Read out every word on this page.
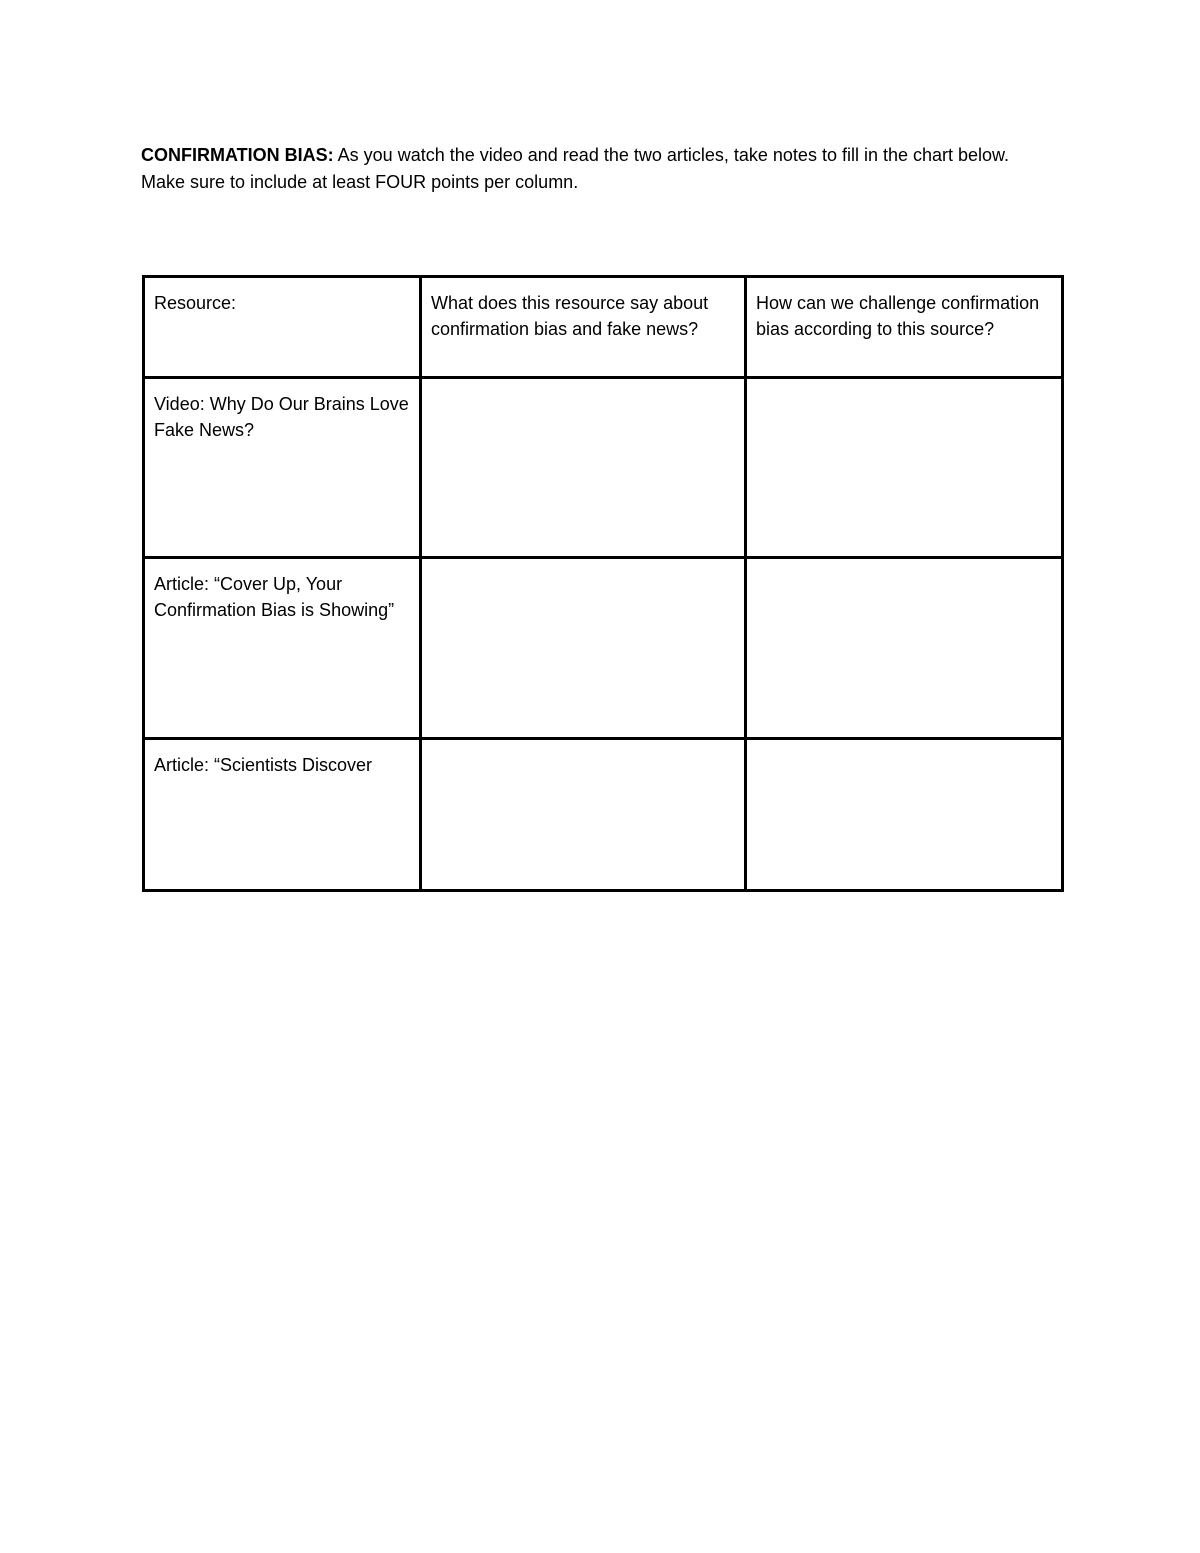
CONFIRMATION BIAS: As you watch the video and read the two articles, take notes to fill in the chart below. Make sure to include at least FOUR points per column.

Resource:	What does this resource say about confirmation bias and fake news?	How can we challenge confirmation bias according to this source?
Video: Why Do Our Brains Love Fake News?		
Article: “Cover Up, Your Confirmation Bias is Showing”		
Article: “Scientists Discover		
